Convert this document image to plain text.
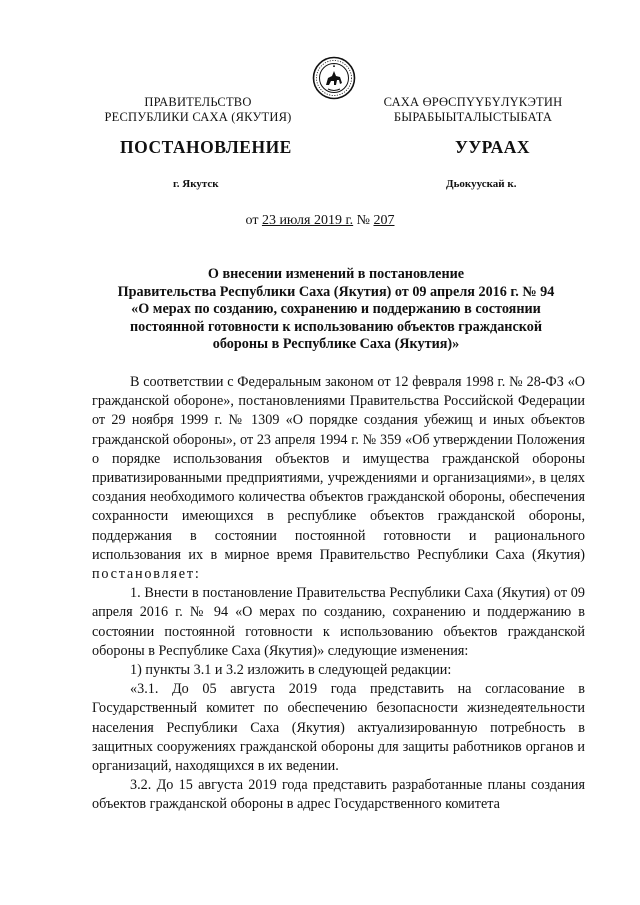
ПРАВИТЕЛЬСТВО
РЕСПУБЛИКИ САХА (ЯКУТИЯ)
САХА ӨРӨСПҮҮБҮЛҮКЭТИН
БЫРАБЫЫТАЛЫСТЫБАТА
ПОСТАНОВЛЕНИЕ	УУРААХ
г. Якутск	Дьокуускай к.
от 23 июля 2019 г. № 207
О внесении изменений в постановление
Правительства Республики Саха (Якутия) от 09 апреля 2016 г. № 94
«О мерах по созданию, сохранению и поддержанию в состоянии
постоянной готовности к использованию объектов гражданской
обороны в Республике Саха (Якутия)»

В соответствии с Федеральным законом от 12 февраля 1998 г. № 28-ФЗ «О гражданской обороне», постановлениями Правительства Российской Федерации от 29 ноября 1999 г. № 1309 «О порядке создания убежищ и иных объектов гражданской обороны», от 23 апреля 1994 г. № 359 «Об утверждении Положения о порядке использования объектов и имущества гражданской обороны приватизированными предприятиями, учреждениями и организациями», в целях создания необходимого количества объектов гражданской обороны, обеспечения сохранности имеющихся в республике объектов гражданской обороны, поддержания в состоянии постоянной готовности и рационального использования их в мирное время Правительство Республики Саха (Якутия) постановляет:

1. Внести в постановление Правительства Республики Саха (Якутия) от 09 апреля 2016 г. № 94 «О мерах по созданию, сохранению и поддержанию в состоянии постоянной готовности к использованию объектов гражданской обороны в Республике Саха (Якутия)» следующие изменения:

1) пункты 3.1 и 3.2 изложить в следующей редакции:

«3.1. До 05 августа 2019 года представить на согласование в Государственный комитет по обеспечению безопасности жизнедеятельности населения Республики Саха (Якутия) актуализированную потребность в защитных сооружениях гражданской обороны для защиты работников органов и организаций, находящихся в их ведении.

3.2. До 15 августа 2019 года представить разработанные планы создания объектов гражданской обороны в адрес Государственного комитета
